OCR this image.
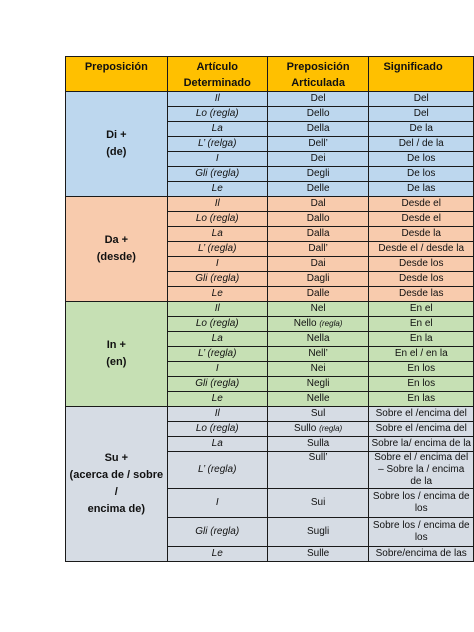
Preposición	Artículo Determinado	Preposición Articulada	Significado

Di +
(de)	Il	Del	Del
	Lo (regla)	Dello	Del
	La	Della	De la
	L’ (relga)	Dell’	Del / de la
	I	Dei	De los
	Gli (regla)	Degli	De los
	Le	Delle	De las

Da +
(desde)	Il	Dal	Desde el
	Lo (regla)	Dallo	Desde el
	La	Dalla	Desde la
	L’ (regla)	Dall’	Desde el / desde la
	I	Dai	Desde los
	Gli (regla)	Dagli	Desde los
	Le	Dalle	Desde las

In +
(en)	Il	Nel	En el
	Lo (regla)	Nello (regla)	En el
	La	Nella	En la
	L’ (regla)	Nell’	En el / en la
	I	Nei	En los
	Gli (regla)	Negli	En los
	Le	Nelle	En las

Su +
(acerca de / sobre /
encima de)	Il	Sul	Sobre el /encima del
	Lo (regla)	Sullo (regla)	Sobre el /encima del
	La	Sulla	Sobre la/ encima de la
	L’ (regla)	Sull’	Sobre el / encima del – Sobre la / encima de la
	I	Sui	Sobre los / encima de los
	Gli (regla)	Sugli	Sobre los / encima de los
	Le	Sulle	Sobre/encima de las
